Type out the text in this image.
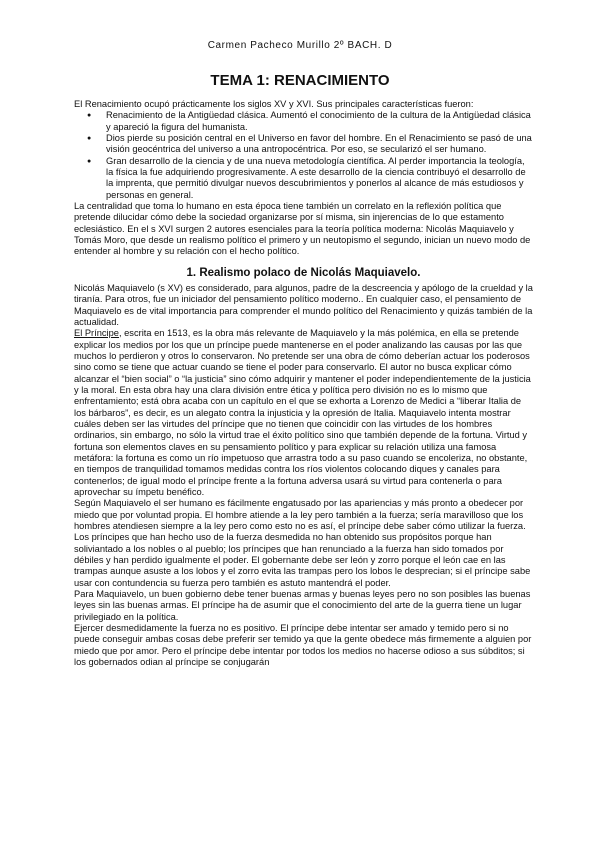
Carmen Pacheco Murillo 2º BACH. D
TEMA 1: RENACIMIENTO

El Renacimiento ocupó prácticamente los siglos XV y XVI. Sus principales características fueron:

● Renacimiento de la Antigüedad clásica. Aumentó el conocimiento de la cultura de la Antigüedad clásica y apareció la figura del humanista.
● Dios pierde su posición central en el Universo en favor del hombre. En el Renacimiento se pasó de una visión geocéntrica del universo a una antropocéntrica. Por eso, se secularizó el ser humano.
● Gran desarrollo de la ciencia y de una nueva metodología científica. Al perder importancia la teología, la física la fue adquiriendo progresivamente. A este desarrollo de la ciencia contribuyó el desarrollo de la imprenta, que permitió divulgar nuevos descubrimientos y ponerlos al alcance de más estudiosos y personas en general.

La centralidad que toma lo humano en esta época tiene también un correlato en la reflexión política que pretende dilucidar cómo debe la sociedad organizarse por sí misma, sin injerencias de lo que estamento eclesiástico. En el s XVI surgen 2 autores esenciales para la teoría política moderna: Nicolás Maquiavelo y

Tomás Moro, que desde un realismo político el primero y un neutopismo el segundo, inician un nuevo modo de entender al hombre y su relación con el hecho político.

1. Realismo polaco de Nicolás Maquiavelo.

Nicolás Maquiavelo (s XV) es considerado, para algunos, padre de la descreencia y apólogo de la crueldad y la tiranía. Para otros, fue un iniciador del pensamiento político moderno.. En cualquier caso, el pensamiento de Maquiavelo es de vital importancia para comprender el mundo político del Renacimiento y quizás también de la actualidad.

El Príncipe, escrita en 1513, es la obra más relevante de Maquiavelo y la más polémica, en ella se pretende explicar los medios por los que un príncipe puede mantenerse en el poder analizando las causas por las que muchos lo perdieron y otros lo conservaron. No pretende ser una obra de cómo deberían actuar los poderosos sino como se tiene que actuar cuando se tiene el poder para conservarlo. El autor no busca explicar cómo alcanzar el “bien social” o “la justicia” sino cómo adquirir y mantener el poder independientemente de la justicia y la moral. En esta obra hay una clara división entre ética y política pero división no es lo mismo que enfrentamiento; está obra acaba con un capítulo en el que se exhorta a Lorenzo de Medici a “liberar Italia de los bárbaros”, es decir, es un alegato contra la injusticia y la opresión de Italia. Maquiavelo intenta mostrar cuáles deben ser las virtudes del príncipe que no tienen que coincidir con las virtudes de los hombres ordinarios, sin embargo, no sólo la virtud trae el éxito político sino que también depende de la fortuna. Virtud y fortuna son elementos claves en su pensamiento político y para explicar su relación utiliza una famosa metáfora: la fortuna es como un río impetuoso que arrastra todo a su paso cuando se encoleriza, no obstante, en tiempos de tranquilidad tomamos medidas contra los ríos violentos colocando diques y canales para contenerlos; de igual modo el príncipe frente a la fortuna adversa usará su virtud para contenerla o para aprovechar su ímpetu benéfico.

Según Maquiavelo el ser humano es fácilmente engatusado por las apariencias y más pronto a obedecer por miedo que por voluntad propia. El hombre atiende a la ley pero también a la fuerza; sería maravilloso que los hombres atendiesen siempre a la ley pero como esto no es así, el príncipe debe saber cómo utilizar la fuerza. Los príncipes que han hecho uso de la fuerza desmedida no han obtenido sus propósitos porque han soliviantado a los nobles o al pueblo; los príncipes que han renunciado a la fuerza han sido tomados por débiles y han perdido igualmente el poder. El gobernante debe ser león y zorro porque el león cae en las trampas aunque asuste a los lobos y el zorro evita las trampas pero los lobos le desprecian; si el príncipe sabe usar con contundencia su fuerza pero también es astuto mantendrá el poder.

Para Maquiavelo, un buen gobierno debe tener buenas armas y buenas leyes pero no son posibles las buenas leyes sin las buenas armas. El príncipe ha de asumir que el conocimiento del arte de la guerra tiene un lugar privilegiado en la política.

Ejercer desmedidamente la fuerza no es positivo. El príncipe debe intentar ser amado y temido pero si no puede conseguir ambas cosas debe preferir ser temido ya que la gente obedece más firmemente a alguien por miedo que por amor. Pero el príncipe debe intentar por todos los medios no hacerse odioso a sus súbditos; si los gobernados odian al príncipe se conjugarán
